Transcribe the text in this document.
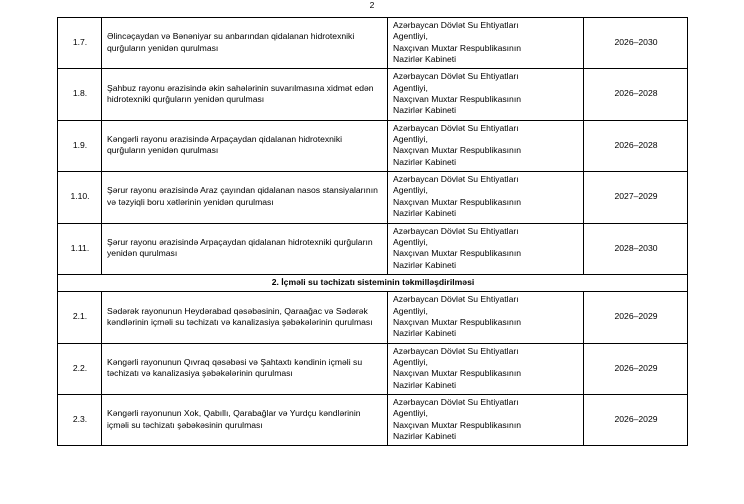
2
1.7.	Əlincəçaydan və Bənəniyar su anbarından qidalanan hidrotexniki qurğuların yenidən qurulması	Azərbaycan Dövlət Su Ehtiyatları
Agentliyi,
Naxçıvan Muxtar Respublikasının
Nazirlər Kabineti	2026–2030
1.8.	Şahbuz rayonu ərazisində əkin sahələrinin suvarılmasına xidmət edən hidrotexniki qurğuların yenidən qurulması	Azərbaycan Dövlət Su Ehtiyatları
Agentliyi,
Naxçıvan Muxtar Respublikasının
Nazirlər Kabineti	2026–2028
1.9.	Kəngərli rayonu ərazisində Arpaçaydan qidalanan hidrotexniki qurğuların yenidən qurulması	Azərbaycan Dövlət Su Ehtiyatları
Agentliyi,
Naxçıvan Muxtar Respublikasının
Nazirlər Kabineti	2026–2028
1.10.	Şərur rayonu ərazisində Araz çayından qidalanan nasos stansiyalarının və təzyiqli boru xətlərinin yenidən qurulması	Azərbaycan Dövlət Su Ehtiyatları
Agentliyi,
Naxçıvan Muxtar Respublikasının
Nazirlər Kabineti	2027–2029
1.11.	Şərur rayonu ərazisində Arpaçaydan qidalanan hidrotexniki qurğuların yenidən qurulması	Azərbaycan Dövlət Su Ehtiyatları
Agentliyi,
Naxçıvan Muxtar Respublikasının
Nazirlər Kabineti	2028–2030
2. İçməli su təchizatı sisteminin təkmilləşdirilməsi			
2.1.	Sədərək rayonunun Heydərabad qəsəbəsinin, Qaraağac və Sədərək kəndlərinin içməli su təchizatı və kanalizasiya şəbəkələrinin qurulması	Azərbaycan Dövlət Su Ehtiyatları
Agentliyi,
Naxçıvan Muxtar Respublikasının
Nazirlər Kabineti	2026–2029
2.2.	Kəngərli rayonunun Qıvraq qəsəbəsi və Şahtaxtı kəndinin içməli su təchizatı və kanalizasiya şəbəkələrinin qurulması	Azərbaycan Dövlət Su Ehtiyatları
Agentliyi,
Naxçıvan Muxtar Respublikasının
Nazirlər Kabineti	2026–2029
2.3.	Kəngərli rayonunun Xok, Qabıllı, Qarabağlar və Yurdçu kəndlərinin içməli su təchizatı şəbəkəsinin qurulması	Azərbaycan Dövlət Su Ehtiyatları
Agentliyi,
Naxçıvan Muxtar Respublikasının
Nazirlər Kabineti	2026–2029
